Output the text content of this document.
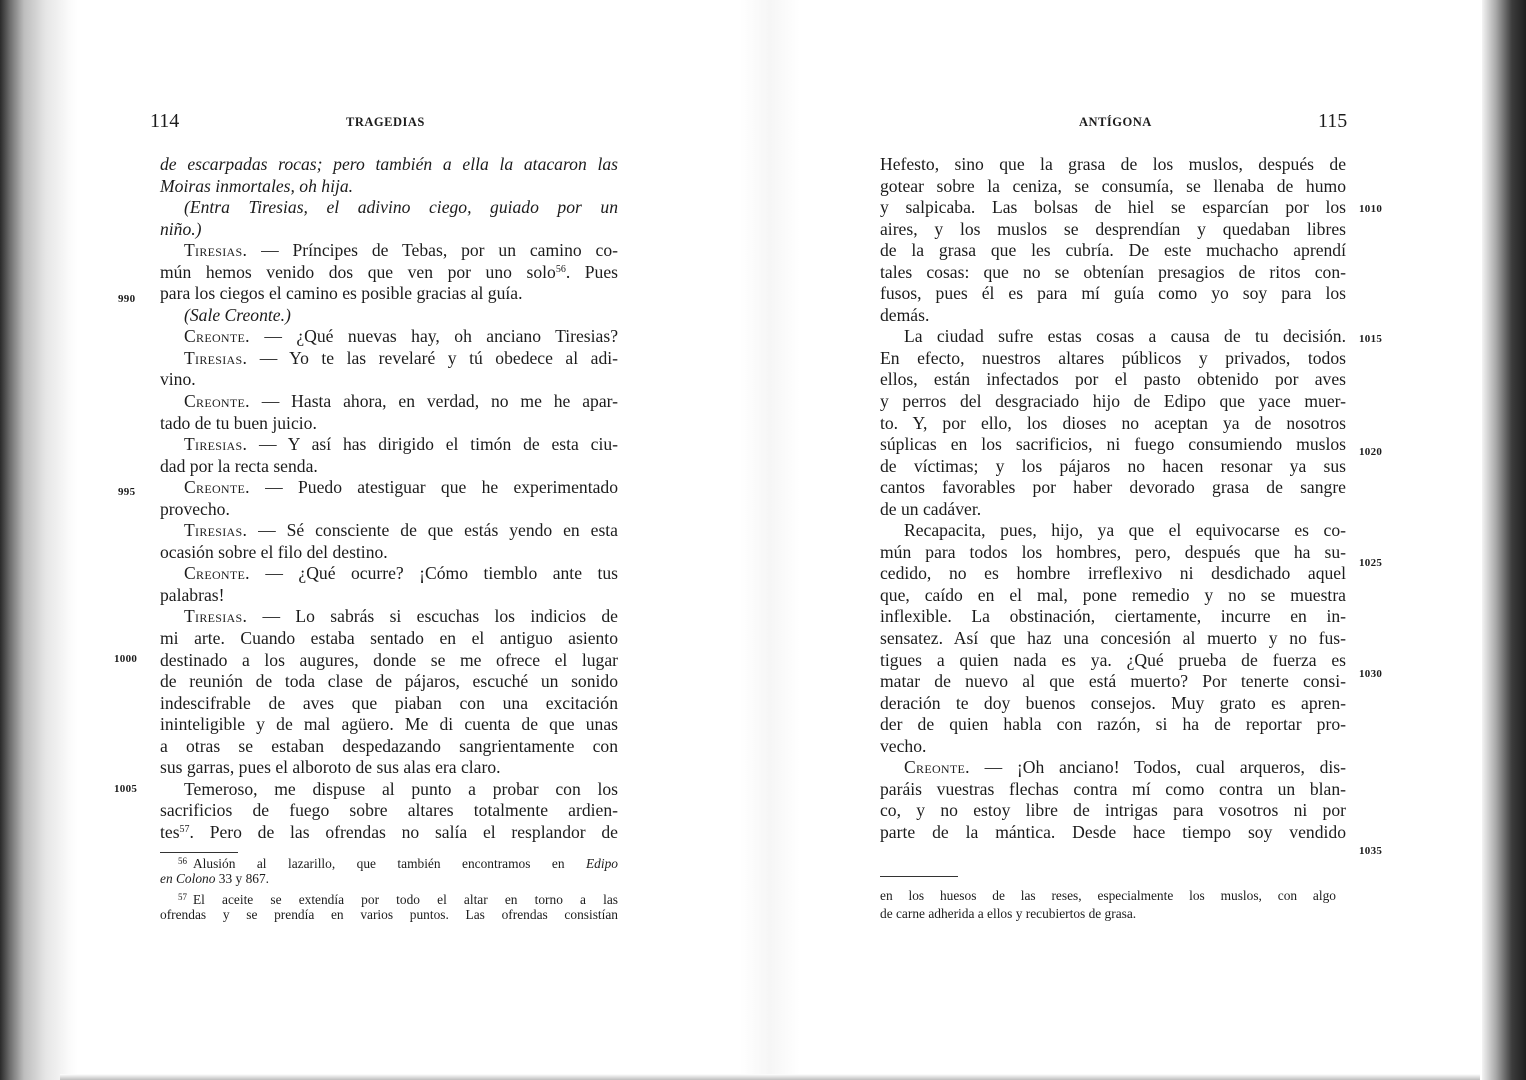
114	TRAGEDIAS
de escarpadas rocas; pero también a ella la atacaron las
Moiras inmortales, oh hija.
(Entra Tiresias, el adivino ciego, guiado por un
niño.)
Tiresias. — Príncipes de Tebas, por un camino co-
mún hemos venido dos que ven por uno solo$^{56}$. Pues
para los ciegos el camino es posible gracias al guía.
(Sale Creonte.)
Creonte. — ¿Qué nuevas hay, oh anciano Tiresias?
Tiresias. — Yo te las revelaré y tú obedece al adi-
vino.
Creonte. — Hasta ahora, en verdad, no me he apar-
tado de tu buen juicio.
Tiresias. — Y así has dirigido el timón de esta ciu-
dad por la recta senda.
Creonte. — Puedo atestiguar que he experimentado
provecho.
Tiresias. — Sé consciente de que estás yendo en esta
ocasión sobre el filo del destino.
Creonte. — ¿Qué ocurre? ¡Cómo tiemblo ante tus
palabras!
Tiresias. — Lo sabrás si escuchas los indicios de
mi arte. Cuando estaba sentado en el antiguo asiento
destinado a los augures, donde se me ofrece el lugar
de reunión de toda clase de pájaros, escuché un sonido
indescifrable de aves que piaban con una excitación
ininteligible y de mal agüero. Me di cuenta de que unas
a otras se estaban despedazando sangrientamente con
sus garras, pues el alboroto de sus alas era claro.
Temeroso, me dispuse al punto a probar con los
sacrificios de fuego sobre altares totalmente ardien-
tes$^{57}$. Pero de las ofrendas no salía el resplandor de
990
995
1000
1005
$^{56}$ Alusión al lazarillo, que también encontramos en Edipo
en Colono 33 y 867.
$^{57}$ El aceite se extendía por todo el altar en torno a las
ofrendas y se prendía en varios puntos. Las ofrendas consistían
ANTÍGONA	115
Hefesto, sino que la grasa de los muslos, después de
gotear sobre la ceniza, se consumía, se llenaba de humo
y salpicaba. Las bolsas de hiel se esparcían por los
aires, y los muslos se desprendían y quedaban libres
de la grasa que les cubría. De este muchacho aprendí
tales cosas: que no se obtenían presagios de ritos con-
fusos, pues él es para mí guía como yo soy para los
demás.
La ciudad sufre estas cosas a causa de tu decisión.
En efecto, nuestros altares públicos y privados, todos
ellos, están infectados por el pasto obtenido por aves
y perros del desgraciado hijo de Edipo que yace muer-
to. Y, por ello, los dioses no aceptan ya de nosotros
súplicas en los sacrificios, ni fuego consumiendo muslos
de víctimas; y los pájaros no hacen resonar ya sus
cantos favorables por haber devorado grasa de sangre
de un cadáver.
Recapacita, pues, hijo, ya que el equivocarse es co-
mún para todos los hombres, pero, después que ha su-
cedido, no es hombre irreflexivo ni desdichado aquel
que, caído en el mal, pone remedio y no se muestra
inflexible. La obstinación, ciertamente, incurre en in-
sensatez. Así que haz una concesión al muerto y no fus-
tigues a quien nada es ya. ¿Qué prueba de fuerza es
matar de nuevo al que está muerto? Por tenerte consi-
deración te doy buenos consejos. Muy grato es apren-
der de quien habla con razón, si ha de reportar pro-
vecho.
Creonte. — ¡Oh anciano! Todos, cual arqueros, dis-
paráis vuestras flechas contra mí como contra un blan-
co, y no estoy libre de intrigas para vosotros ni por
parte de la mántica. Desde hace tiempo soy vendido
1010
1015
1020
1025
1030
1035
en los huesos de las reses, especialmente los muslos, con algo
de carne adherida a ellos y recubiertos de grasa.
